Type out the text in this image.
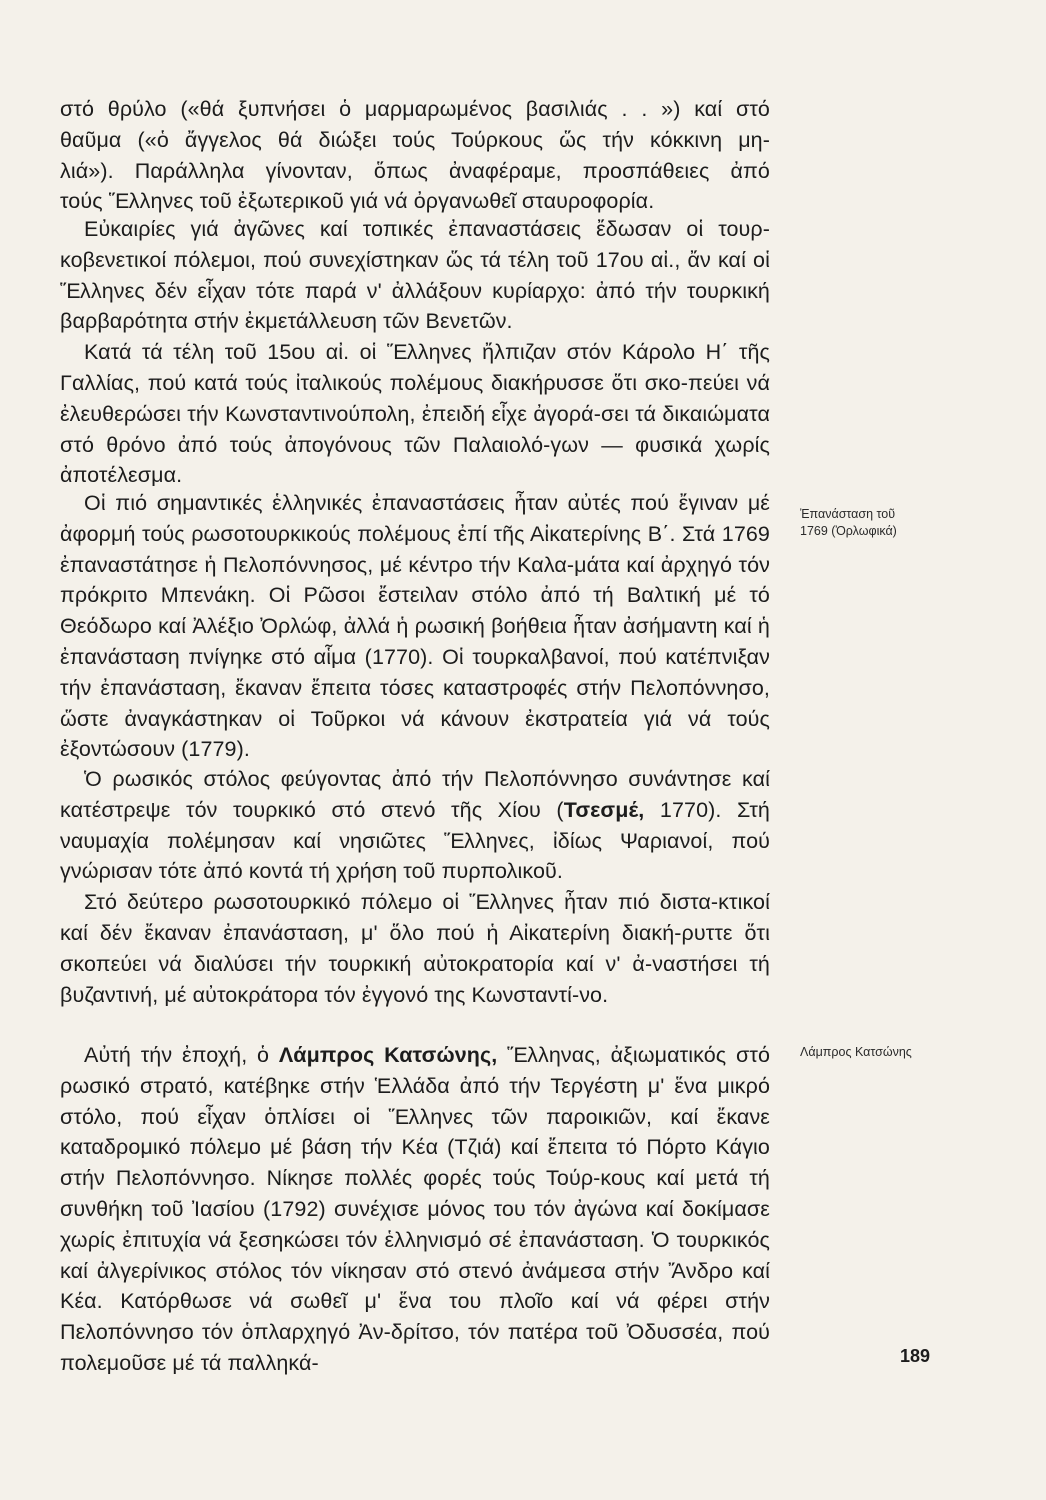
στό θρύλο («θά ξυπνήσει ὁ μαρμαρωμένος βασιλιάς . . ») καί στό
θαῦμα («ὁ ἄγγελος θά διώξει τούς Τούρκους ὥς τήν κόκκινη μη-
λιά»). Παράλληλα γίνονταν, ὅπως ἀναφέραμε, προσπάθειες ἀπό
τούς Ἕλληνες τοῦ ἐξωτερικοῦ γιά νά ὀργανωθεῖ σταυροφορία.

Εὐκαιρίες γιά ἀγῶνες καί τοπικές ἐπαναστάσεις ἔδωσαν οἱ τουρ-κοβενετικοί πόλεμοι, πού συνεχίστηκαν ὥς τά τέλη τοῦ 17ου αἰ., ἄν καί οἱ Ἕλληνες δέν εἶχαν τότε παρά ν' ἀλλάξουν κυρίαρχο: ἀπό τήν τουρκική βαρβαρότητα στήν ἐκμετάλλευση τῶν Βενετῶν.

Κατά τά τέλη τοῦ 15ου αἰ. οἱ Ἕλληνες ἤλπιζαν στόν Κάρολο Η΄ τῆς Γαλλίας, πού κατά τούς ἰταλικούς πολέμους διακήρυσσε ὅτι σκο-πεύει νά ἐλευθερώσει τήν Κωνσταντινούπολη, ἐπειδή εἶχε ἀγορά-σει τά δικαιώματα στό θρόνο ἀπό τούς ἀπογόνους τῶν Παλαιολό-γων — φυσικά χωρίς ἀποτέλεσμα.

Οἱ πιό σημαντικές ἑλληνικές ἐπαναστάσεις ἦταν αὐτές πού ἔγιναν μέ ἀφορμή τούς ρωσοτουρκικούς πολέμους ἐπί τῆς Αἰκατερίνης Β΄. Στά 1769 ἐπαναστάτησε ἡ Πελοπόννησος, μέ κέντρο τήν Καλα-μάτα καί ἀρχηγό τόν πρόκριτο Μπενάκη. Οἱ Ρῶσοι ἔστειλαν στόλο ἀπό τή Βαλτική μέ τό Θεόδωρο καί Ἀλέξιο Ὀρλώφ, ἀλλά ἡ ρωσική βοήθεια ἦταν ἀσήμαντη καί ἡ ἐπανάσταση πνίγηκε στό αἷμα (1770). Οἱ τουρκαλβανοί, πού κατέπνιξαν τήν ἐπανάσταση, ἔκαναν ἔπειτα τόσες καταστροφές στήν Πελοπόννησο, ὥστε ἀναγκάστηκαν οἱ Τοῦρκοι νά κάνουν ἐκστρατεία γιά νά τούς ἐξοντώσουν (1779).

Ὁ ρωσικός στόλος φεύγοντας ἀπό τήν Πελοπόννησο συνάντησε καί κατέστρεψε τόν τουρκικό στό στενό τῆς Χίου (Τσεσμέ, 1770). Στή ναυμαχία πολέμησαν καί νησιῶτες Ἕλληνες, ἰδίως Ψαριανοί, πού γνώρισαν τότε ἀπό κοντά τή χρήση τοῦ πυρπολικοῦ.

Στό δεύτερο ρωσοτουρκικό πόλεμο οἱ Ἕλληνες ἦταν πιό διστα-κτικοί καί δέν ἔκαναν ἐπανάσταση, μ' ὅλο πού ἡ Αἰκατερίνη διακή-ρυττε ὅτι σκοπεύει νά διαλύσει τήν τουρκική αὐτοκρατορία καί ν' ἀ-ναστήσει τή βυζαντινή, μέ αὐτοκράτορα τόν ἐγγονό της Κωνσταντί-νο.

Αὐτή τήν ἐποχή, ὁ Λάμπρος Κατσώνης, Ἕλληνας, ἀξιωματικός στό ρωσικό στρατό, κατέβηκε στήν Ἑλλάδα ἀπό τήν Τεργέστη μ' ἕνα μικρό στόλο, πού εἶχαν ὁπλίσει οἱ Ἕλληνες τῶν παροικιῶν, καί ἔκανε καταδρομικό πόλεμο μέ βάση τήν Κέα (Τζιά) καί ἔπειτα τό Πόρτο Κάγιο στήν Πελοπόννησο. Νίκησε πολλές φορές τούς Τούρ-κους καί μετά τή συνθήκη τοῦ Ἰασίου (1792) συνέχισε μόνος του τόν ἀγώνα καί δοκίμασε χωρίς ἐπιτυχία νά ξεσηκώσει τόν ἑλληνισμό σέ ἐπανάσταση. Ὁ τουρκικός καί ἀλγερίνικος στόλος τόν νίκησαν στό στενό ἀνάμεσα στήν Ἄνδρο καί Κέα. Κατόρθωσε νά σωθεῖ μ' ἕνα του πλοῖο καί νά φέρει στήν Πελοπόννησο τόν ὁπλαρχηγό Ἀν-δρίτσο, τόν πατέρα τοῦ Ὀδυσσέα, πού πολεμοῦσε μέ τά παλληκά-
Ἐπανάσταση τοῦ
1769 (Ὀρλωφικά)
Λάμπρος Κατσώνης
189
